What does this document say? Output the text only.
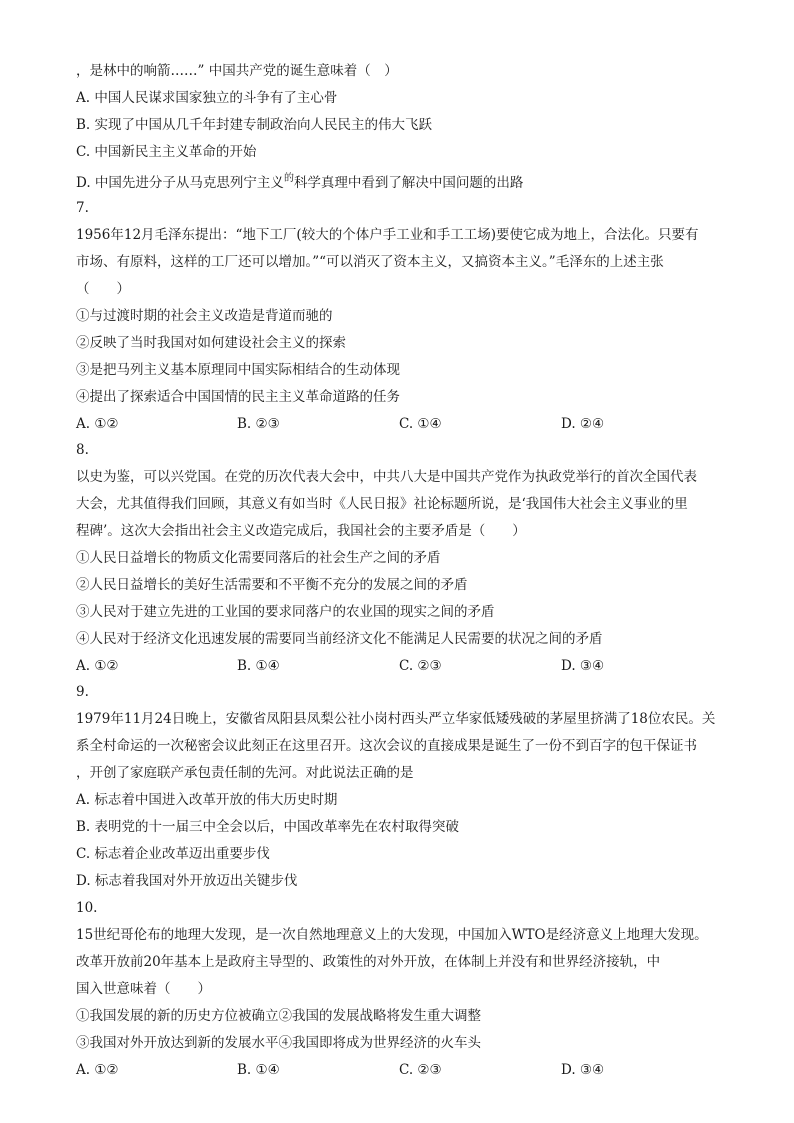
，是林中的响箭……” 中国共产党的诞生意味着（　）
A. 中国人民谋求国家独立的斗争有了主心骨
B. 实现了中国从几千年封建专制政治向人民民主的伟大飞跃
C. 中国新民主主义革命的开始
D. 中国先进分子从马克思列宁主义$^的$科学真理中看到了解决中国问题的出路
7.
1956年12月毛泽东提出：“地下工厂(较大的个体户手工业和手工工场)要使它成为地上，合法化。只要有
市场、有原料，这样的工厂还可以增加。”“可以消灭了资本主义，又搞资本主义。”毛泽东的上述主张
（　　）
①与过渡时期的社会主义改造是背道而驰的
②反映了当时我国对如何建设社会主义的探索
③是把马列主义基本原理同中国实际相结合的生动体现
④提出了探索适合中国国情的民主主义革命道路的任务
A. ①②	B. ②③	C. ①④	D. ②④
8.
以史为鉴，可以兴党国。在党的历次代表大会中，中共八大是中国共产党作为执政党举行的首次全国代表
大会，尤其值得我们回顾，其意义有如当时《人民日报》社论标题所说，是‘我国伟大社会主义事业的里
程碑’。这次大会指出社会主义改造完成后，我国社会的主要矛盾是（　　）
①人民日益增长的物质文化需要同落后的社会生产之间的矛盾
②人民日益增长的美好生活需要和不平衡不充分的发展之间的矛盾
③人民对于建立先进的工业国的要求同落户的农业国的现实之间的矛盾
④人民对于经济文化迅速发展的需要同当前经济文化不能满足人民需要的状况之间的矛盾
A. ①②	B. ①④	C. ②③	D. ③④
9.
1979年11月24日晚上，安徽省凤阳县凤梨公社小岗村西头严立华家低矮残破的茅屋里挤满了18位农民。关
系全村命运的一次秘密会议此刻正在这里召开。这次会议的直接成果是诞生了一份不到百字的包干保证书
，开创了家庭联产承包责任制的先河。对此说法正确的是
A. 标志着中国进入改革开放的伟大历史时期
B. 表明党的十一届三中全会以后，中国改革率先在农村取得突破
C. 标志着企业改革迈出重要步伐
D. 标志着我国对外开放迈出关键步伐
10.
15世纪哥伦布的地理大发现，是一次自然地理意义上的大发现，中国加入WTO是经济意义上地理大发现。
改革开放前20年基本上是政府主导型的、政策性的对外开放，在体制上并没有和世界经济接轨，中
国入世意味着（　　）
①我国发展的新的历史方位被确立②我国的发展战略将发生重大调整
③我国对外开放达到新的发展水平④我国即将成为世界经济的火车头
A. ①②	B. ①④	C. ②③	D. ③④
